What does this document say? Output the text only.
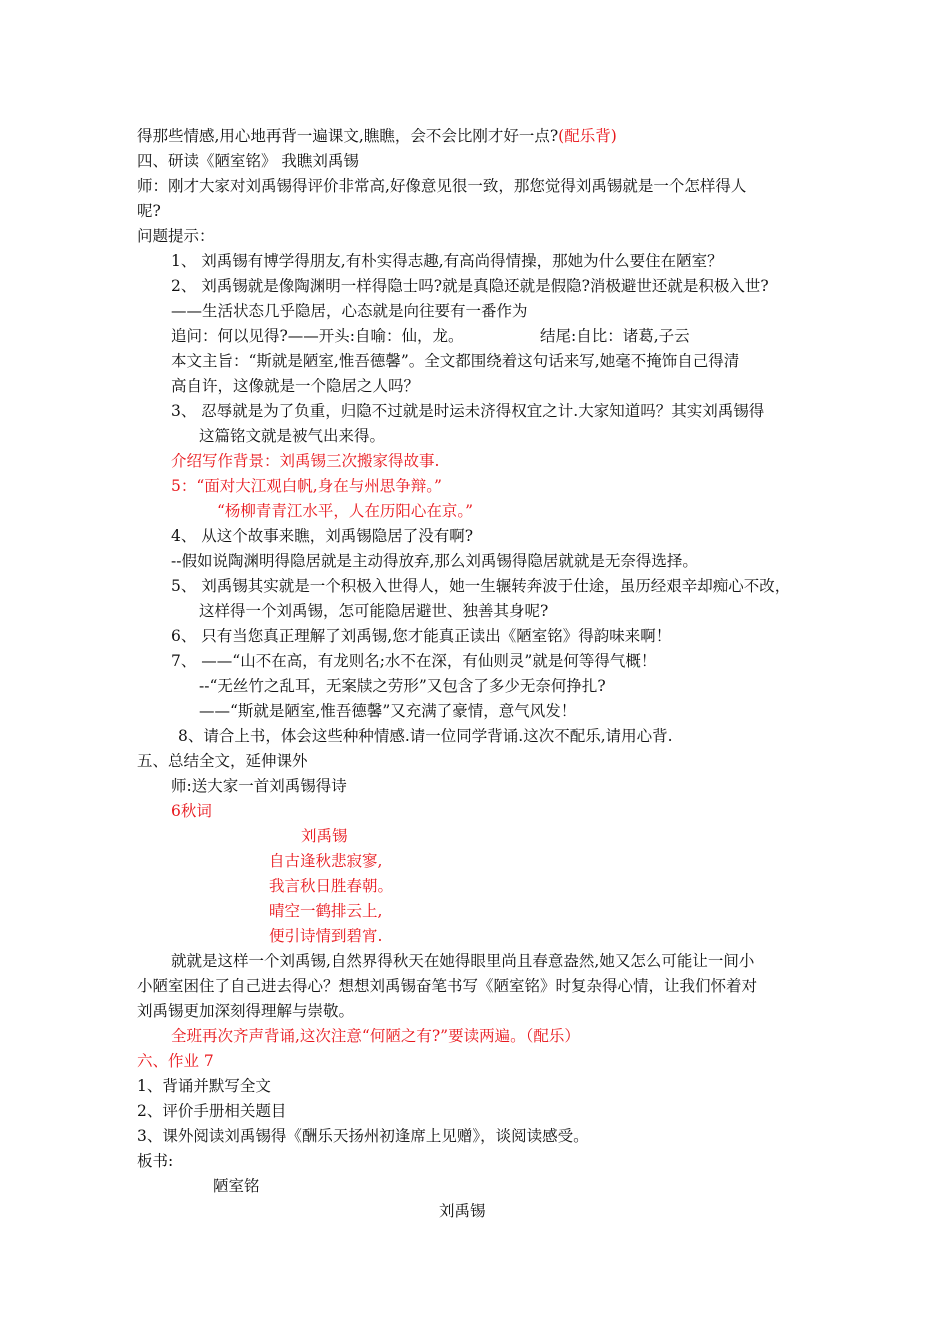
得那些情感,用心地再背一遍课文,瞧瞧，会不会比刚才好一点?(配乐背)
四、研读《陋室铭》 我瞧刘禹锡
师：刚才大家对刘禹锡得评价非常高,好像意见很一致，那您觉得刘禹锡就是一个怎样得人
呢?
问题提示：
1、 刘禹锡有博学得朋友,有朴实得志趣,有高尚得情操，那她为什么要住在陋室？
2、 刘禹锡就是像陶渊明一样得隐士吗?就是真隐还就是假隐?消极避世还就是积极入世?
——生活状态几乎隐居，心态就是向往要有一番作为
追问：何以见得?——开头:自喻：仙，龙。	结尾:自比：诸葛,子云
本文主旨：“斯就是陋室,惟吾德馨”。全文都围绕着这句话来写,她毫不掩饰自己得清
高自许，这像就是一个隐居之人吗？
3、 忍辱就是为了负重，归隐不过就是时运未济得权宜之计.大家知道吗？其实刘禹锡得
这篇铭文就是被气出来得。
介绍写作背景：刘禹锡三次搬家得故事.
5：“面对大江观白帆,身在与州思争辩。”
“杨柳青青江水平，人在历阳心在京。”
4、 从这个故事来瞧，刘禹锡隐居了没有啊?
--假如说陶渊明得隐居就是主动得放弃,那么刘禹锡得隐居就就是无奈得选择。
5、 刘禹锡其实就是一个积极入世得人，她一生辗转奔波于仕途，虽历经艰辛却痴心不改，
这样得一个刘禹锡，怎可能隐居避世、独善其身呢?
6、 只有当您真正理解了刘禹锡,您才能真正读出《陋室铭》得韵味来啊！
7、 ——“山不在高，有龙则名;水不在深，有仙则灵”就是何等得气概！
--“无丝竹之乱耳，无案牍之劳形”又包含了多少无奈何挣扎?
——“斯就是陋室,惟吾德馨”又充满了豪情，意气风发！
8、请合上书，体会这些种种情感.请一位同学背诵.这次不配乐,请用心背.
五、总结全文，延伸课外
师:送大家一首刘禹锡得诗
6秋词
刘禹锡
自古逢秋悲寂寥,
我言秋日胜春朝。
晴空一鹤排云上,
便引诗情到碧宵.
就就是这样一个刘禹锡,自然界得秋天在她得眼里尚且春意盎然,她又怎么可能让一间小
小陋室困住了自己进去得心？想想刘禹锡奋笔书写《陋室铭》时复杂得心情，让我们怀着对
刘禹锡更加深刻得理解与崇敬。
全班再次齐声背诵,这次注意“何陋之有?”要读两遍。（配乐）
六、作业 7
1、背诵并默写全文
2、评价手册相关题目
3、课外阅读刘禹锡得《酬乐天扬州初逢席上见赠》，谈阅读感受。
板书:
陋室铭
刘禹锡
